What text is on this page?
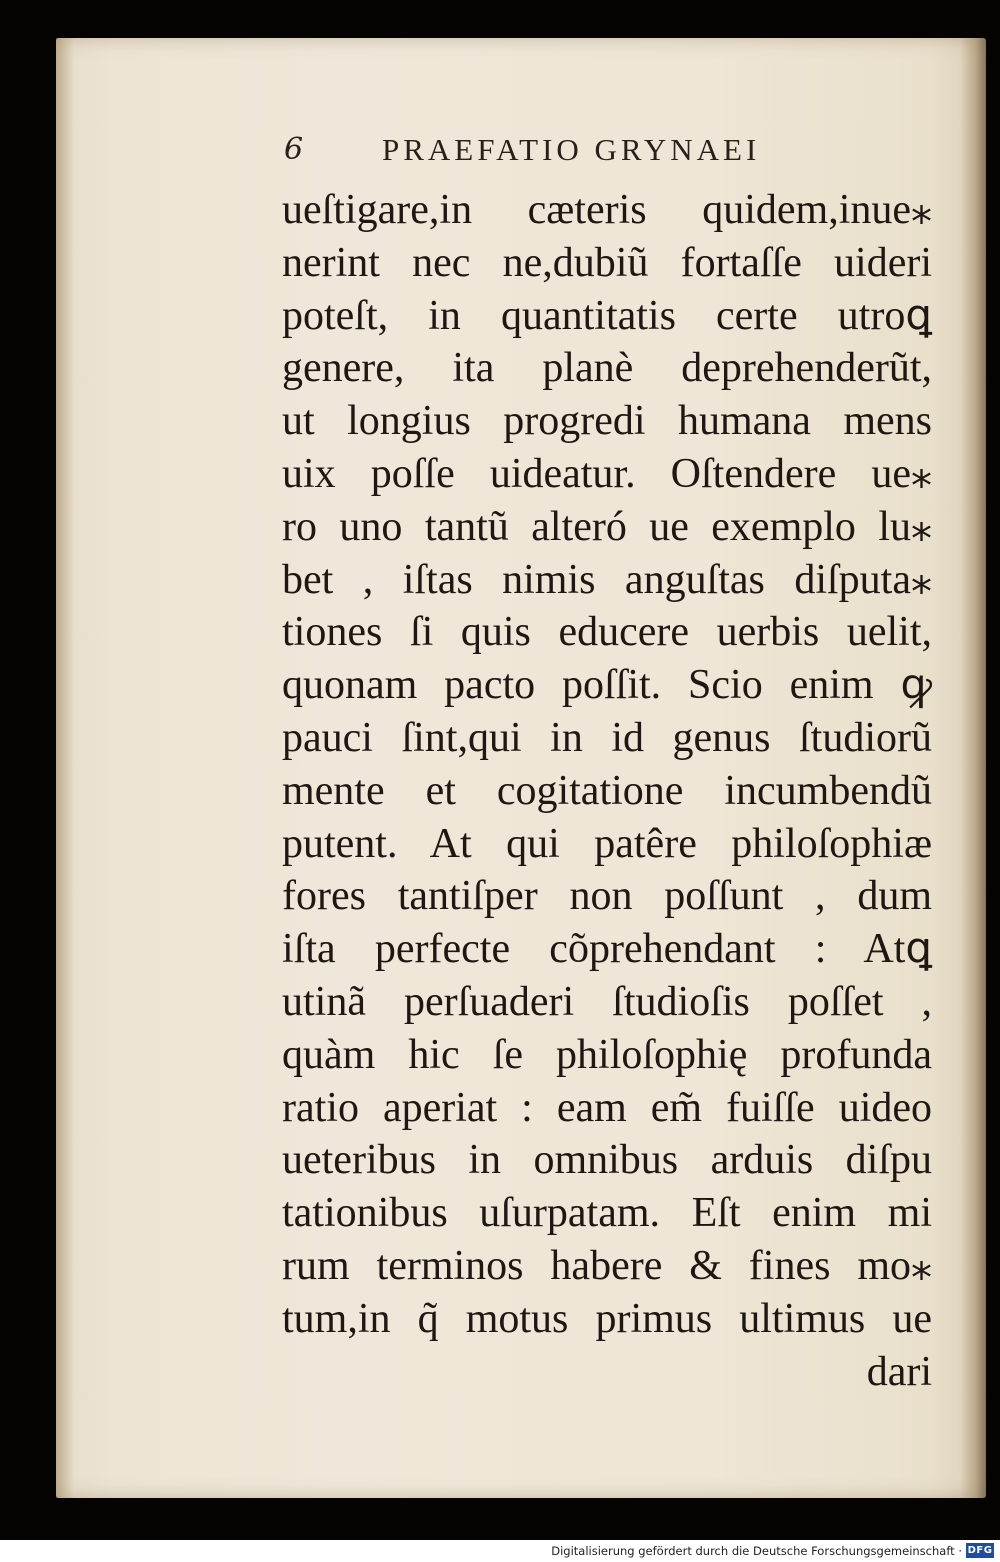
6	PRAEFATIO GRYNAEI
ueſtigare,in cæteris quidem,inue⁎
nerint nec ne,dubiũ fortaſſe uideri
poteſt, in quantitatis certe utroꝗ
genere, ita planè deprehenderũt,
ut longius progredi humana mens
uix poſſe uideatur. Oſtendere ue⁎
ro uno tantũ alteró ue exemplo lu⁎
bet , iſtas nimis anguſtas diſputa⁎
tiones ſi quis educere uerbis uelit,
quonam pacto poſſit. Scio enim ꝙ
pauci ſint,qui in id genus ſtudiorũ
mente et cogitatione incumbendũ
putent. At qui patêre philoſophiæ
fores tantiſper non poſſunt , dum
iſta perfecte cõprehendant : Atꝗ
utinã perſuaderi ſtudioſis poſſet ,
quàm hic ſe philoſophię profunda
ratio aperiat : eam em̃ fuiſſe uideo
ueteribus in omnibus arduis diſpu
tationibus uſurpatam. Eſt enim mi
rum terminos habere & fines mo⁎
tum,in q̃ motus primus ultimus ue
dari
Digitalisierung gefördert durch die Deutsche Forschungsgemeinschaft · DFG
